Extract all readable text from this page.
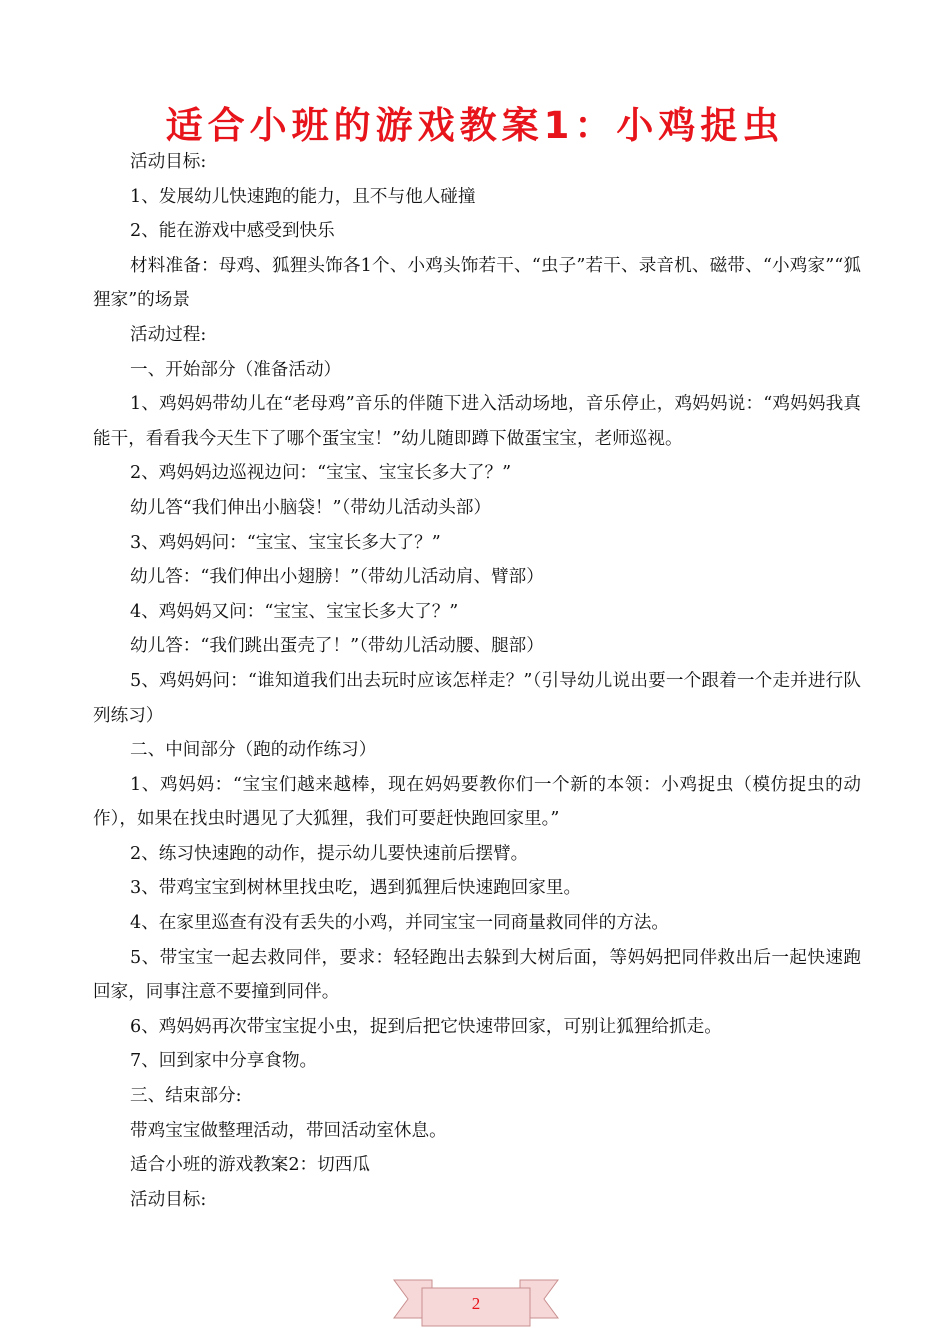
适合小班的游戏教案1：小鸡捉虫

活动目标:

1、发展幼儿快速跑的能力，且不与他人碰撞

2、能在游戏中感受到快乐

材料准备：母鸡、狐狸头饰各1个、小鸡头饰若干、“虫子”若干、录音机、磁带、“小鸡家”“狐狸家”的场景

活动过程:

一、开始部分（准备活动）

1、鸡妈妈带幼儿在“老母鸡”音乐的伴随下进入活动场地，音乐停止，鸡妈妈说：“鸡妈妈我真能干，看看我今天生下了哪个蛋宝宝！”幼儿随即蹲下做蛋宝宝，老师巡视。

2、鸡妈妈边巡视边问：“宝宝、宝宝长多大了？”

幼儿答“我们伸出小脑袋！”（带幼儿活动头部）

3、鸡妈妈问：“宝宝、宝宝长多大了？”

幼儿答：“我们伸出小翅膀！”（带幼儿活动肩、臂部）

4、鸡妈妈又问：“宝宝、宝宝长多大了？”

幼儿答：“我们跳出蛋壳了！”（带幼儿活动腰、腿部）

5、鸡妈妈问：“谁知道我们出去玩时应该怎样走？”（引导幼儿说出要一个跟着一个走并进行队列练习）

二、中间部分（跑的动作练习）

1、鸡妈妈：“宝宝们越来越棒，现在妈妈要教你们一个新的本领：小鸡捉虫（模仿捉虫的动作），如果在找虫时遇见了大狐狸，我们可要赶快跑回家里。”

2、练习快速跑的动作，提示幼儿要快速前后摆臂。

3、带鸡宝宝到树林里找虫吃，遇到狐狸后快速跑回家里。

4、在家里巡查有没有丢失的小鸡，并同宝宝一同商量救同伴的方法。

5、带宝宝一起去救同伴，要求：轻轻跑出去躲到大树后面，等妈妈把同伴救出后一起快速跑回家，同事注意不要撞到同伴。

6、鸡妈妈再次带宝宝捉小虫，捉到后把它快速带回家，可别让狐狸给抓走。

7、回到家中分享食物。

三、结束部分:

带鸡宝宝做整理活动，带回活动室休息。

适合小班的游戏教案2：切西瓜

活动目标:

2
